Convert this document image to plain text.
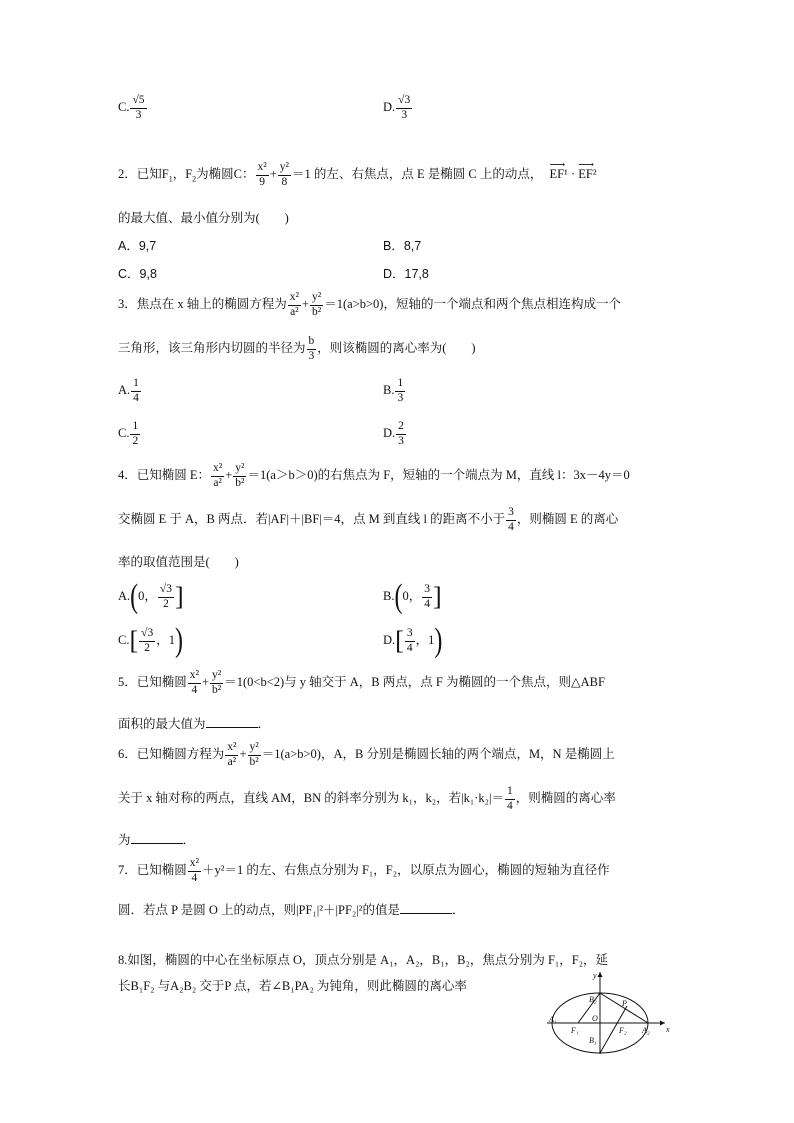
C. $\frac{√5}{3}$	D. $\frac{√3}{3}$
2．已知$F_1$，$F_2$为椭圆C： $\frac{\text{x²}}{9} + \frac{\text{y²}}{8} =1$ 的左、右焦点，点 E 是椭圆 C 上的动点， ⟶ EF¹ · ⟶ EF²
的最大值、最小值分别为(　　)
A．9,7	B．8,7
C．9,8	D．17,8
3．焦点在 x 轴上的椭圆方程为 $\frac{\text{x²}}{\text{a²}} + \frac{\text{y²}}{\text{b²}} =1(a>b>0)$，短轴的一个端点和两个焦点相连构成一个
三角形，该三角形内切圆的半径为 $\frac{b}{3}$ ，则该椭圆的离心率为(　　)
A. $\frac{1}{4}$	B. $\frac{1}{3}$
C. $\frac{1}{2}$	D. $\frac{2}{3}$
4．已知椭圆 E： $\frac{\text{x²}}{\text{a²}} + \frac{\text{y²}}{\text{b²}} =1(a>b>0)$的右焦点为 F，短轴的一个端点为 M，直线 l：3x－4y＝0
交椭圆 E 于 A，B 两点．若|AF|＋|BF|＝4，点 M 到直线 l 的距离不小于 $\frac{3}{4}$ ，则椭圆 E 的离心
率的取值范围是(　　)
A.(0， $\frac{√3}{2}$ ]	B.(0， $\frac{3}{4}$ ]
$C.[ \frac{√3}{2}$ ，1)	$D.[ \frac{3}{4}$ ，1)
5．已知椭圆 $\frac{\text{x²}}{4} + \frac{\text{y²}}{\text{b²}} =1(0<b<2)$与 y 轴交于 A，B 两点，点 F 为椭圆的一个焦点，则△ABF
面积的最大值为	．
6．已知椭圆方程为 $\frac{\text{x²}}{\text{a²}} + \frac{\text{y²}}{\text{b²}} =1(a>b>0)$，A，B 分别是椭圆长轴的两个端点，M，N 是椭圆上
关于 x 轴对称的两点，直线 AM，BN 的斜率分别为 k₁，k₂，若$|k_1\cdot k_2|= \frac{1}{4}$ ，则椭圆的离心率
为	．
7．已知椭圆 $\frac{\text{x²}}{4} +y^2=1$ 的左、右焦点分别为 F₁，F₂，以原点为圆心，椭圆的短轴为直径作
圆．若点 P 是圆 O 上的动点，则|PF₁|²＋|PF₂|²的值是	．
8.如图，椭圆的中心在坐标原点 O，顶点分别是 A₁，A₂，B₁，B₂，焦点分别为 F₁，F₂，延
长B₁F₂ 与A₂B₂ 交于P 点，若∠B₁PA₂ 为钝角，则此椭圆的离心率
y
x
O
P
A₁
A₂
B₁
B₂
F₁	F₂
